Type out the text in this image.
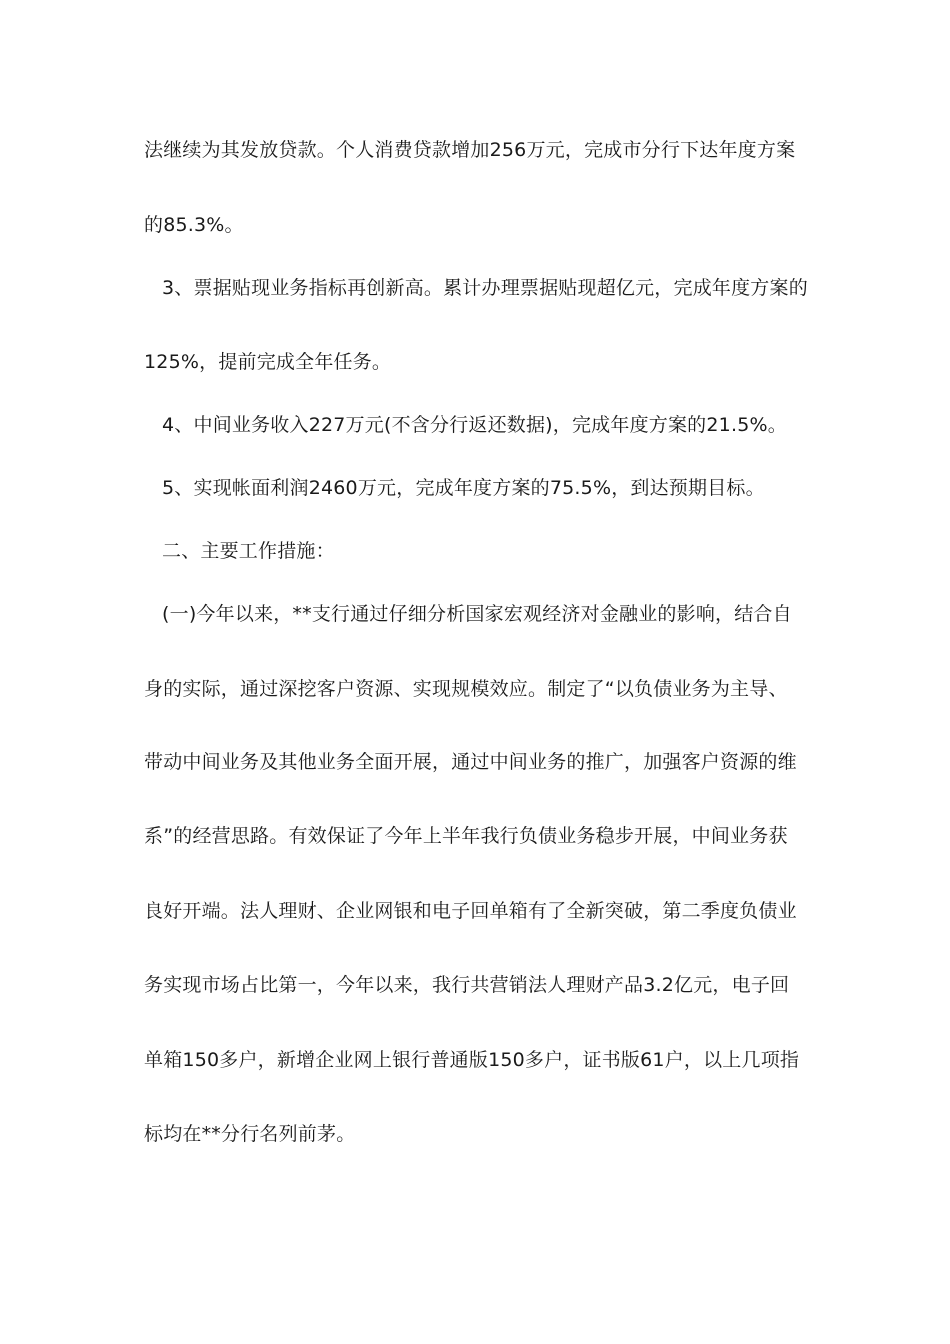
法继续为其发放贷款。个人消费贷款增加256万元，完成市分行下达年度方案
的85.3%。
3、票据贴现业务指标再创新高。累计办理票据贴现超亿元，完成年度方案的
125%，提前完成全年任务。
4、中间业务收入227万元(不含分行返还数据)，完成年度方案的21.5%。
5、实现帐面利润2460万元，完成年度方案的75.5%，到达预期目标。
二、主要工作措施：
(一)今年以来，**支行通过仔细分析国家宏观经济对金融业的影响，结合自
身的实际，通过深挖客户资源、实现规模效应。制定了“以负债业务为主导、
带动中间业务及其他业务全面开展，通过中间业务的推广，加强客户资源的维
系”的经营思路。有效保证了今年上半年我行负债业务稳步开展，中间业务获
良好开端。法人理财、企业网银和电子回单箱有了全新突破，第二季度负债业
务实现市场占比第一，今年以来，我行共营销法人理财产品3.2亿元，电子回
单箱150多户，新增企业网上银行普通版150多户，证书版61户，以上几项指
标均在**分行名列前茅。
